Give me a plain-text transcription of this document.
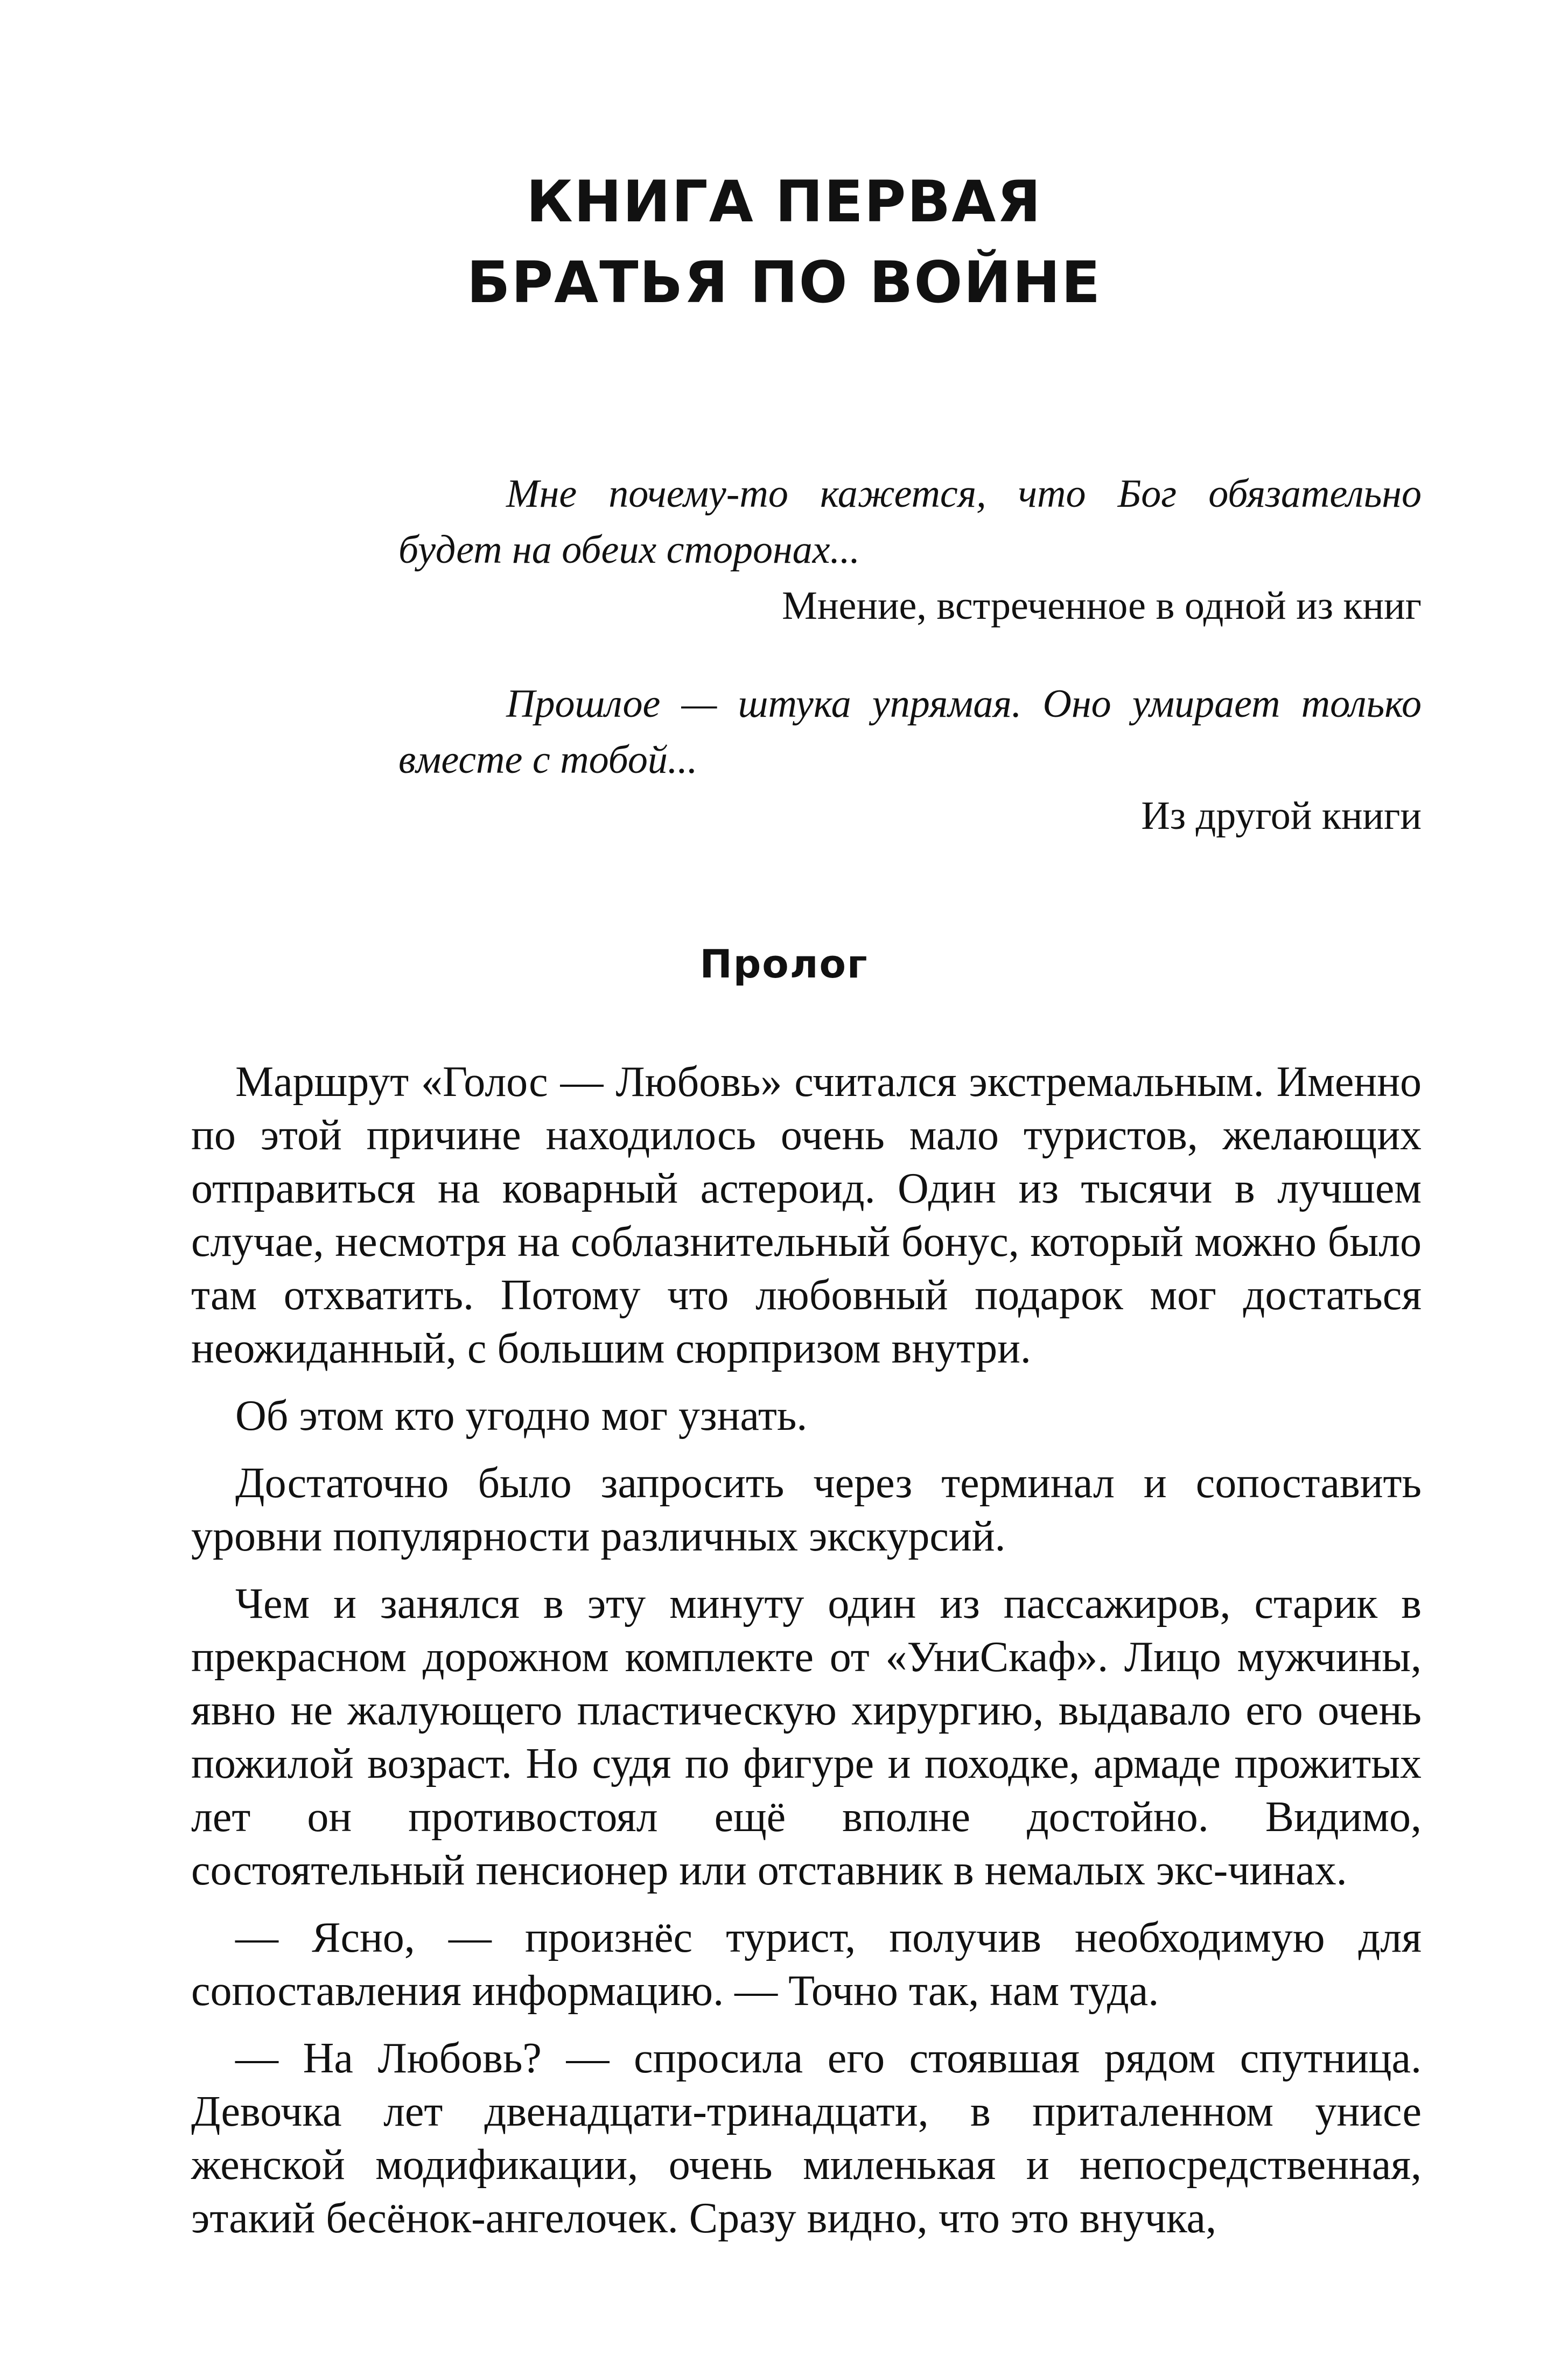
КНИГА ПЕРВАЯ
БРАТЬЯ ПО ВОЙНЕ
Мне почему-то кажется, что Бог обязательно будет на обеих сторонах...
Мнение, встреченное в одной из книг
Прошлое — штука упрямая. Оно умирает только вместе с тобой...
Из другой книги
Пролог

Маршрут «Голос — Любовь» считался экстремальным. Именно по этой причине находилось очень мало туристов, желающих отправиться на коварный астероид. Один из тысячи в лучшем случае, несмотря на соблазнительный бонус, который можно было там отхватить. Потому что любовный подарок мог достаться неожиданный, с большим сюрпризом внутри.

Об этом кто угодно мог узнать.

Достаточно было запросить через терминал и сопоставить уровни популярности различных экскурсий.

Чем и занялся в эту минуту один из пассажиров, старик в прекрасном дорожном комплекте от «УниСкаф». Лицо мужчины, явно не жалующего пластическую хирургию, выдавало его очень пожилой возраст. Но судя по фигуре и походке, армаде прожитых лет он противостоял ещё вполне достойно. Видимо, состоятельный пенсионер или отставник в немалых экс-чинах.

— Ясно, — произнёс турист, получив необходимую для сопоставления информацию. — Точно так, нам туда.

— На Любовь? — спросила его стоявшая рядом спутница. Девочка лет двенадцати-тринадцати, в приталенном унисе женской модификации, очень миленькая и непосредственная, этакий бесёнок-ангелочек. Сразу видно, что это внучка,
